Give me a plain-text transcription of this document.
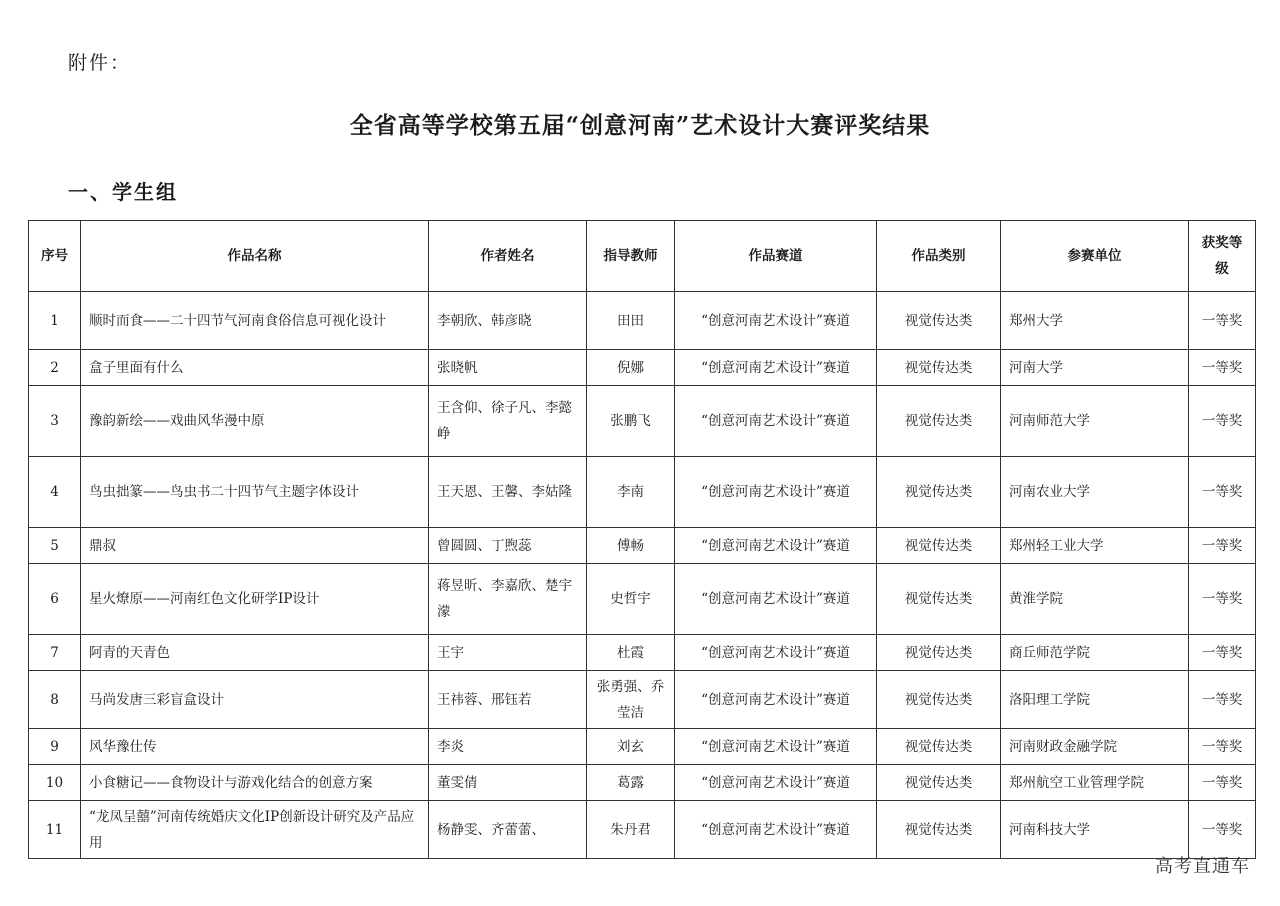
附件：
全省高等学校第五届“创意河南”艺术设计大赛评奖结果
一、学生组
序号	作品名称	作者姓名	指导教师	作品赛道	作品类别	参赛单位	获奖等级
1	顺时而食——二十四节气河南食俗信息可视化设计	李朝欣、韩彦晓	田田	“创意河南艺术设计”赛道	视觉传达类	郑州大学	一等奖
2	盒子里面有什么	张晓帆	倪娜	“创意河南艺术设计”赛道	视觉传达类	河南大学	一等奖
3	豫韵新绘——戏曲风华漫中原	王含仰、徐子凡、李懿峥	张鹏飞	“创意河南艺术设计”赛道	视觉传达类	河南师范大学	一等奖
4	鸟虫拙篆——鸟虫书二十四节气主题字体设计	王天恩、王馨、李姑隆	李南	“创意河南艺术设计”赛道	视觉传达类	河南农业大学	一等奖
5	鼎叔	曾圆圆、丁煦蕊	傅畅	“创意河南艺术设计”赛道	视觉传达类	郑州轻工业大学	一等奖
6	星火燎原——河南红色文化研学IP设计	蒋昱昕、李嘉欣、楚宇濛	史哲宇	“创意河南艺术设计”赛道	视觉传达类	黄淮学院	一等奖
7	阿青的天青色	王宇	杜霞	“创意河南艺术设计”赛道	视觉传达类	商丘师范学院	一等奖
8	马尚发唐三彩盲盒设计	王祎蓉、邢钰若	张勇强、乔莹洁	“创意河南艺术设计”赛道	视觉传达类	洛阳理工学院	一等奖
9	风华豫仕传	李炎	刘玄	“创意河南艺术设计”赛道	视觉传达类	河南财政金融学院	一等奖
10	小食糖记——食物设计与游戏化结合的创意方案	董雯倩	葛露	“创意河南艺术设计”赛道	视觉传达类	郑州航空工业管理学院	一等奖
11	“龙凤呈囍”河南传统婚庆文化IP创新设计研究及产品应用	杨静雯、齐蕾蕾、	朱丹君	“创意河南艺术设计”赛道	视觉传达类	河南科技大学	一等奖
高考直通车
